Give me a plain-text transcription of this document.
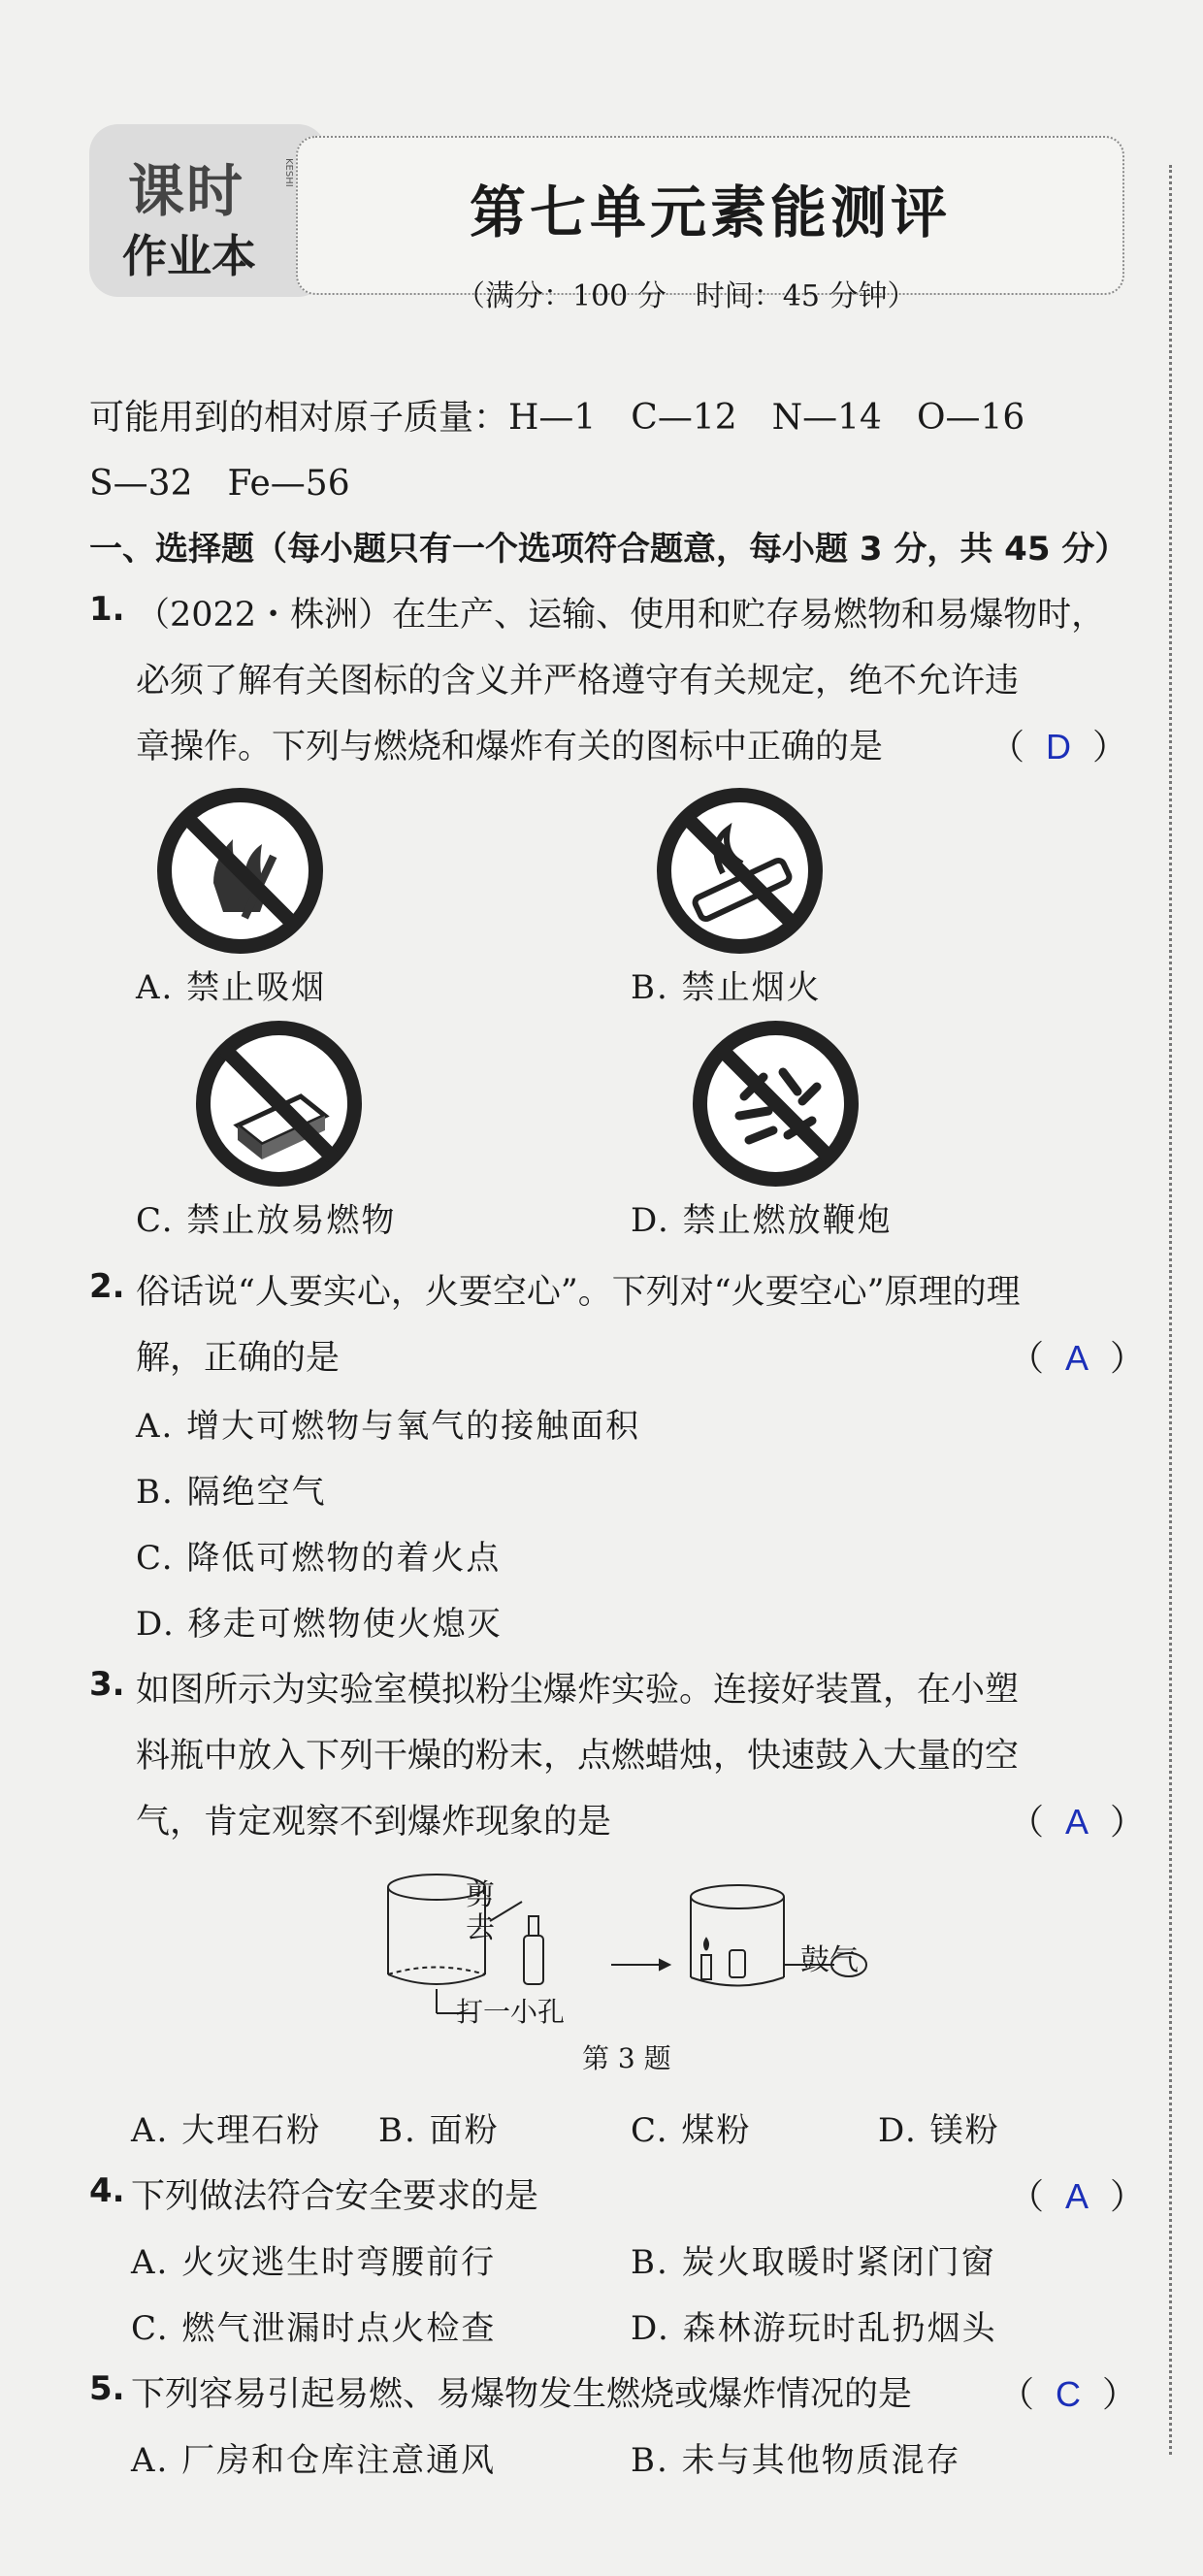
课时	KESHI
作业本
第七单元素能测评
（满分：100 分　时间：45 分钟）
可能用到的相对原子质量：H—1　C—12　N—14　O—16
S—32　Fe—56
一、选择题（每小题只有一个选项符合题意，每小题 3 分，共 45 分）
1. （2022・株洲）在生产、运输、使用和贮存易燃物和易爆物时，
必须了解有关图标的含义并严格遵守有关规定，绝不允许违
章操作。下列与燃烧和爆炸有关的图标中正确的是	（ D ）
A. 禁止吸烟	B. 禁止烟火
C. 禁止放易燃物	D. 禁止燃放鞭炮
2. 俗话说“人要实心，火要空心”。下列对“火要空心”原理的理
解，正确的是	（ A ）
A. 增大可燃物与氧气的接触面积
B. 隔绝空气
C. 降低可燃物的着火点
D. 移走可燃物使火熄灭
3. 如图所示为实验室模拟粉尘爆炸实验。连接好装置，在小塑
料瓶中放入下列干燥的粉末，点燃蜡烛，快速鼓入大量的空
气，肯定观察不到爆炸现象的是	（ A ）
剪
去
打一小孔
鼓气
第 3 题
A. 大理石粉 B. 面粉	C. 煤粉	D. 镁粉
4. 下列做法符合安全要求的是	（ A ）
A. 火灾逃生时弯腰前行	B. 炭火取暖时紧闭门窗
C. 燃气泄漏时点火检查	D. 森林游玩时乱扔烟头
5. 下列容易引起易燃、易爆物发生燃烧或爆炸情况的是 （ C ）
A. 厂房和仓库注意通风	B. 未与其他物质混存
